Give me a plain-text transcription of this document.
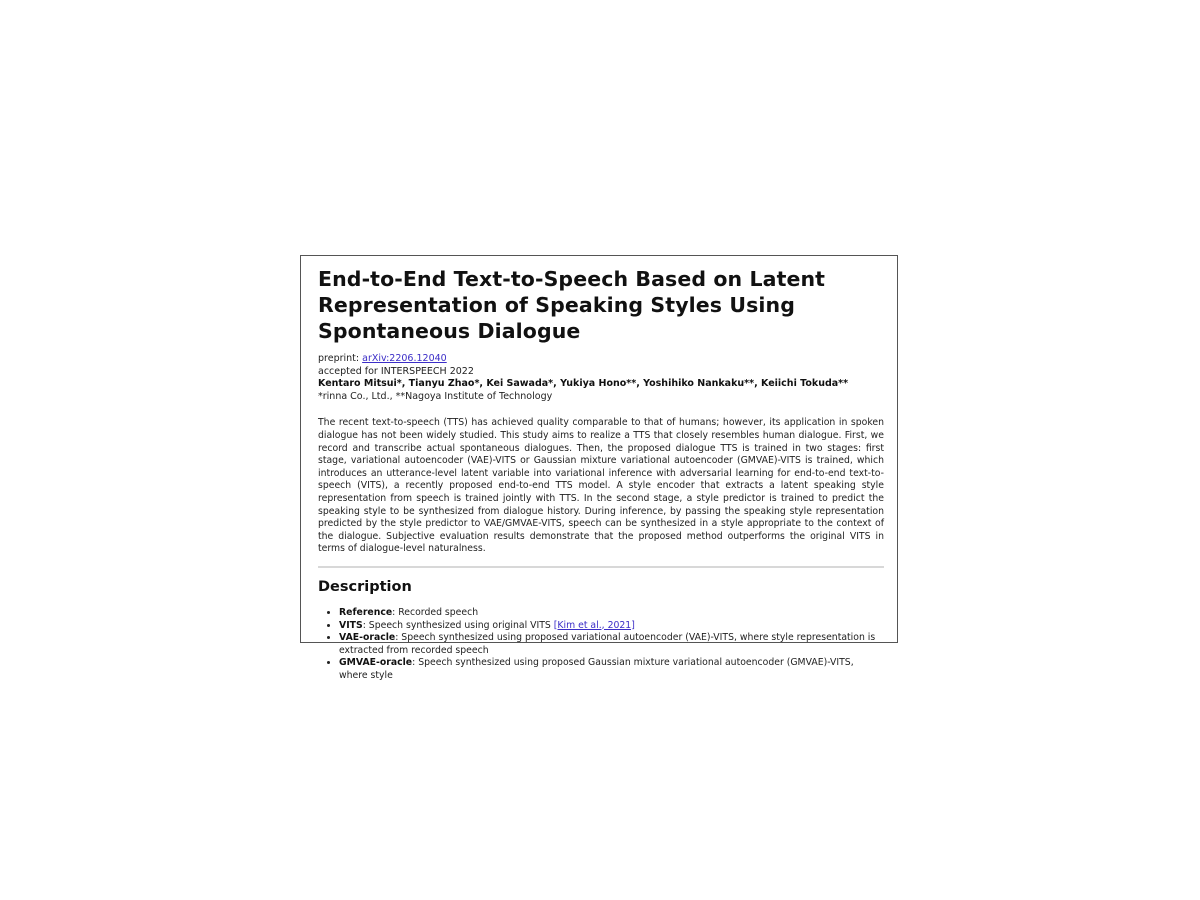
End-to-End Text-to-Speech Based on Latent Representation of Speaking Styles Using Spontaneous Dialogue
preprint: arXiv:2206.12040
accepted for INTERSPEECH 2022
Kentaro Mitsui*, Tianyu Zhao*, Kei Sawada*, Yukiya Hono**, Yoshihiko Nankaku**, Keiichi Tokuda**
*rinna Co., Ltd., **Nagoya Institute of Technology

The recent text-to-speech (TTS) has achieved quality comparable to that of humans; however, its application in spoken dialogue has not been widely studied. This study aims to realize a TTS that closely resembles human dialogue. First, we record and transcribe actual spontaneous dialogues. Then, the proposed dialogue TTS is trained in two stages: first stage, variational autoencoder (VAE)-VITS or Gaussian mixture variational autoencoder (GMVAE)-VITS is trained, which introduces an utterance-level latent variable into variational inference with adversarial learning for end-to-end text-to-speech (VITS), a recently proposed end-to-end TTS model. A style encoder that extracts a latent speaking style representation from speech is trained jointly with TTS. In the second stage, a style predictor is trained to predict the speaking style to be synthesized from dialogue history. During inference, by passing the speaking style representation predicted by the style predictor to VAE/GMVAE-VITS, speech can be synthesized in a style appropriate to the context of the dialogue. Subjective evaluation results demonstrate that the proposed method outperforms the original VITS in terms of dialogue-level naturalness.

Description
• Reference: Recorded speech
• VITS: Speech synthesized using original VITS [Kim et al., 2021]
• VAE-oracle: Speech synthesized using proposed variational autoencoder (VAE)-VITS, where style representation is extracted from recorded speech
• GMVAE-oracle: Speech synthesized using proposed Gaussian mixture variational autoencoder (GMVAE)-VITS, where style
